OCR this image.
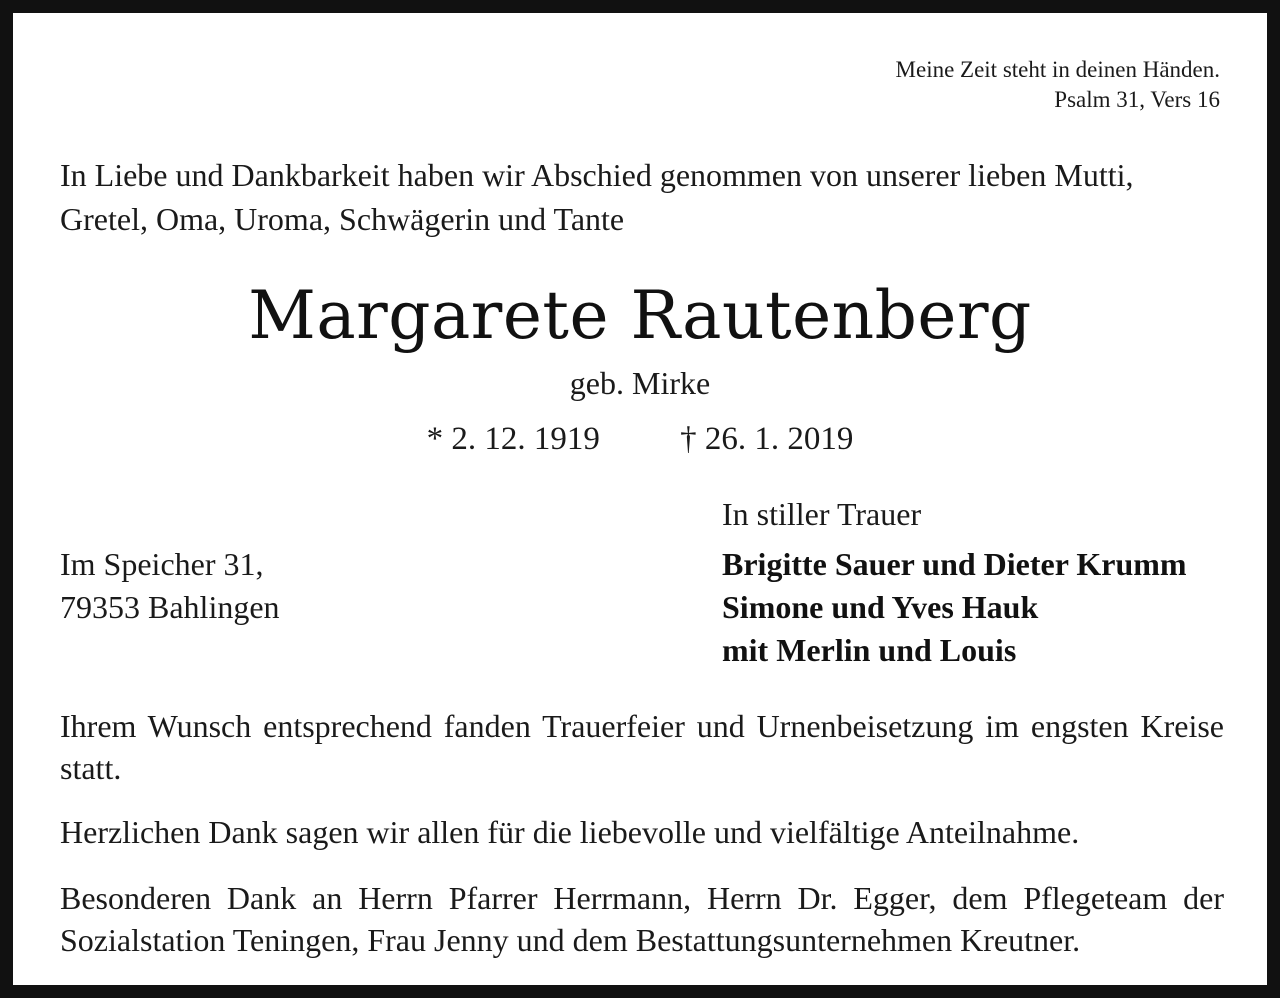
Meine Zeit steht in deinen Händen.
Psalm 31, Vers 16
In Liebe und Dankbarkeit haben wir Abschied genommen von unserer lieben Mutti, Gretel, Oma, Uroma, Schwägerin und Tante
Margarete Rautenberg
geb. Mirke
* 2. 12. 1919 † 26. 1. 2019
In stiller Trauer
Im Speicher 31,
79353 Bahlingen
Brigitte Sauer und Dieter Krumm
Simone und Yves Hauk
mit Merlin und Louis
Ihrem Wunsch entsprechend fanden Trauerfeier und Urnenbeisetzung im engsten Kreise statt.
Herzlichen Dank sagen wir allen für die liebevolle und vielfältige Anteilnahme.
Besonderen Dank an Herrn Pfarrer Herrmann, Herrn Dr. Egger, dem Pflegeteam der Sozialstation Teningen, Frau Jenny und dem Bestattungsunternehmen Kreutner.
